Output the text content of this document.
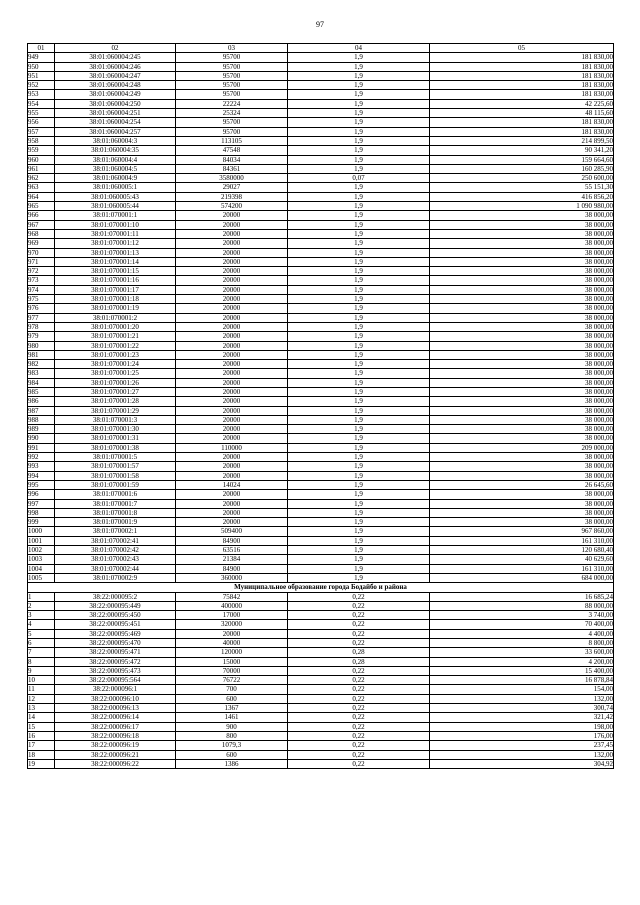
97
01	02	03	04	05
949	38:01:060004:245	95700	1,9	181 830,00
950	38:01:060004:246	95700	1,9	181 830,00
951	38:01:060004:247	95700	1,9	181 830,00
952	38:01:060004:248	95700	1,9	181 830,00
953	38:01:060004:249	95700	1,9	181 830,00
954	38:01:060004:250	22224	1,9	42 225,60
955	38:01:060004:251	25324	1,9	48 115,60
956	38:01:060004:254	95700	1,9	181 830,00
957	38:01:060004:257	95700	1,9	181 830,00
958	38:01:060004:3	113105	1,9	214 899,50
959	38:01:060004:35	47548	1,9	90 341,20
960	38:01:060004:4	84034	1,9	159 664,60
961	38:01:060004:5	84361	1,9	160 285,90
962	38:01:060004:9	3580000	0,07	250 600,00
963	38:01:060005:1	29027	1,9	55 151,30
964	38:01:060005:43	219398	1,9	416 856,20
965	38:01:060005:44	574200	1,9	1 090 980,00
966	38:01:070001:1	20000	1,9	38 000,00
967	38:01:070001:10	20000	1,9	38 000,00
968	38:01:070001:11	20000	1,9	38 000,00
969	38:01:070001:12	20000	1,9	38 000,00
970	38:01:070001:13	20000	1,9	38 000,00
971	38:01:070001:14	20000	1,9	38 000,00
972	38:01:070001:15	20000	1,9	38 000,00
973	38:01:070001:16	20000	1,9	38 000,00
974	38:01:070001:17	20000	1,9	38 000,00
975	38:01:070001:18	20000	1,9	38 000,00
976	38:01:070001:19	20000	1,9	38 000,00
977	38:01:070001:2	20000	1,9	38 000,00
978	38:01:070001:20	20000	1,9	38 000,00
979	38:01:070001:21	20000	1,9	38 000,00
980	38:01:070001:22	20000	1,9	38 000,00
981	38:01:070001:23	20000	1,9	38 000,00
982	38:01:070001:24	20000	1,9	38 000,00
983	38:01:070001:25	20000	1,9	38 000,00
984	38:01:070001:26	20000	1,9	38 000,00
985	38:01:070001:27	20000	1,9	38 000,00
986	38:01:070001:28	20000	1,9	38 000,00
987	38:01:070001:29	20000	1,9	38 000,00
988	38:01:070001:3	20000	1,9	38 000,00
989	38:01:070001:30	20000	1,9	38 000,00
990	38:01:070001:31	20000	1,9	38 000,00
991	38:01:070001:38	110000	1,9	209 000,00
992	38:01:070001:5	20000	1,9	38 000,00
993	38:01:070001:57	20000	1,9	38 000,00
994	38:01:070001:58	20000	1,9	38 000,00
995	38:01:070001:59	14024	1,9	26 645,60
996	38:01:070001:6	20000	1,9	38 000,00
997	38:01:070001:7	20000	1,9	38 000,00
998	38:01:070001:8	20000	1,9	38 000,00
999	38:01:070001:9	20000	1,9	38 000,00
1000	38:01:070002:1	509400	1,9	967 860,00
1001	38:01:070002:41	84900	1,9	161 310,00
1002	38:01:070002:42	63516	1,9	120 680,40
1003	38:01:070002:43	21384	1,9	40 629,60
1004	38:01:070002:44	84900	1,9	161 310,00
1005	38:01:070002:9	360000	1,9	684 000,00
Муниципальное образование города Бодайбо и района				
1	38:22:000095:2	75842	0,22	16 685,24
2	38:22:000095:449	400000	0,22	88 000,00
3	38:22:000095:450	17000	0,22	3 740,00
4	38:22:000095:451	320000	0,22	70 400,00
5	38:22:000095:469	20000	0,22	4 400,00
6	38:22:000095:470	40000	0,22	8 800,00
7	38:22:000095:471	120000	0,28	33 600,00
8	38:22:000095:472	15000	0,28	4 200,00
9	38:22:000095:473	70000	0,22	15 400,00
10	38:22:000095:564	76722	0,22	16 878,84
11	38:22:000096:1	700	0,22	154,00
12	38:22:000096:10	600	0,22	132,00
13	38:22:000096:13	1367	0,22	300,74
14	38:22:000096:14	1461	0,22	321,42
15	38:22:000096:17	900	0,22	198,00
16	38:22:000096:18	800	0,22	176,00
17	38:22:000096:19	1079,3	0,22	237,45
18	38:22:000096:21	600	0,22	132,00
19	38:22:000096:22	1386	0,22	304,92
